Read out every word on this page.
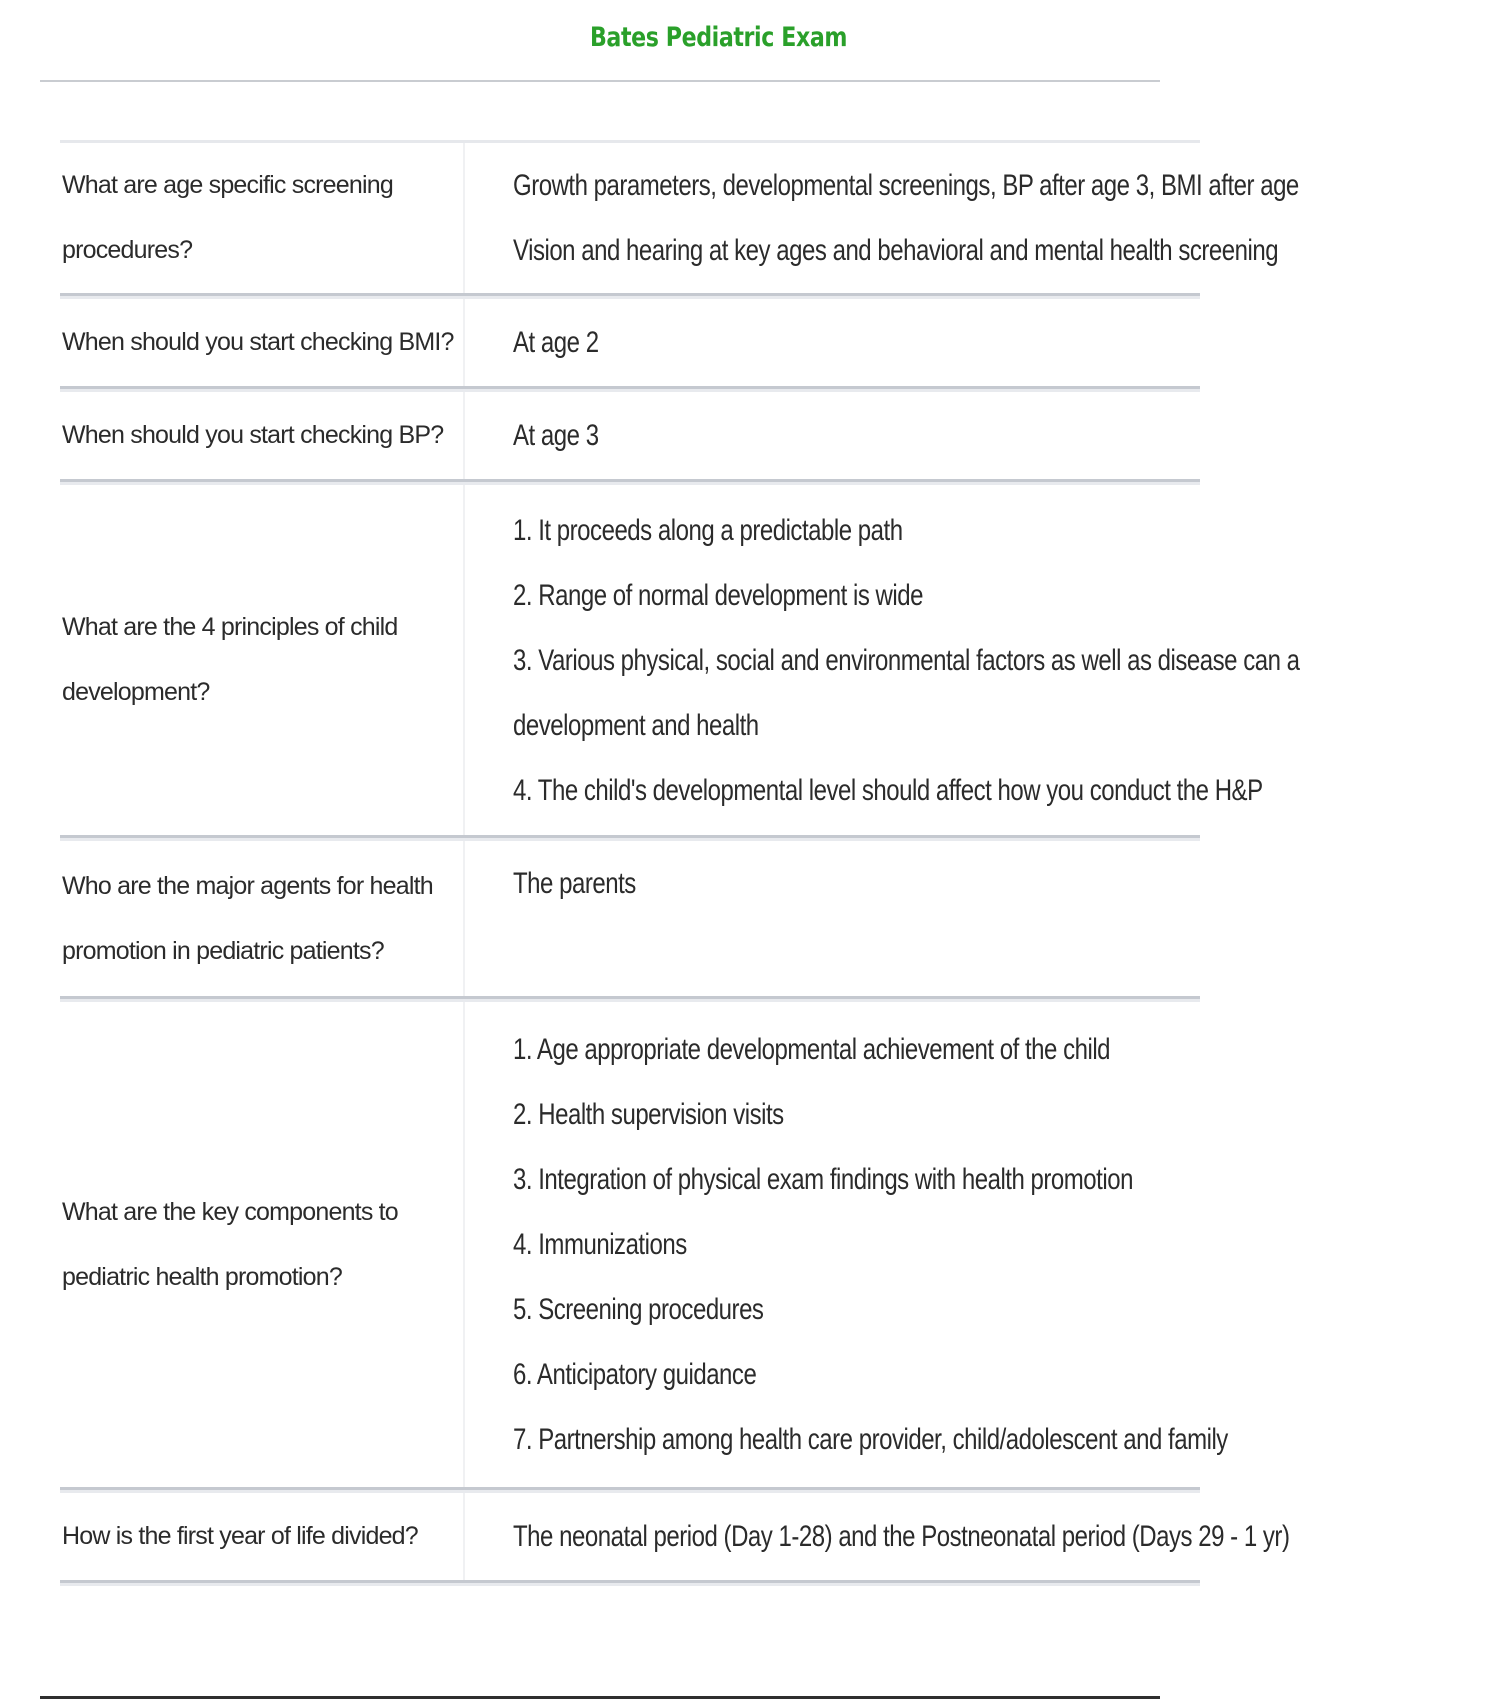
Bates Pediatric Exam
What are age specific screening procedures?
Growth parameters, developmental screenings, BP after age 3, BMI after age
Vision and hearing at key ages and behavioral and mental health screening
When should you start checking BMI? At age 2
When should you start checking BP?	At age 3
What are the 4 principles of child development?
1. It proceeds along a predictable path
2. Range of normal development is wide
3. Various physical, social and environmental factors as well as disease can a
development and health
4. The child's developmental level should affect how you conduct the H&P
Who are the major agents for health promotion in pediatric patients?
The parents
What are the key components to pediatric health promotion?
1. Age appropriate developmental achievement of the child
2. Health supervision visits
3. Integration of physical exam findings with health promotion
4. Immunizations
5. Screening procedures
6. Anticipatory guidance
7. Partnership among health care provider, child/adolescent and family
How is the first year of life divided?	The neonatal period (Day 1-28) and the Postneonatal period (Days 29 - 1 yr)
